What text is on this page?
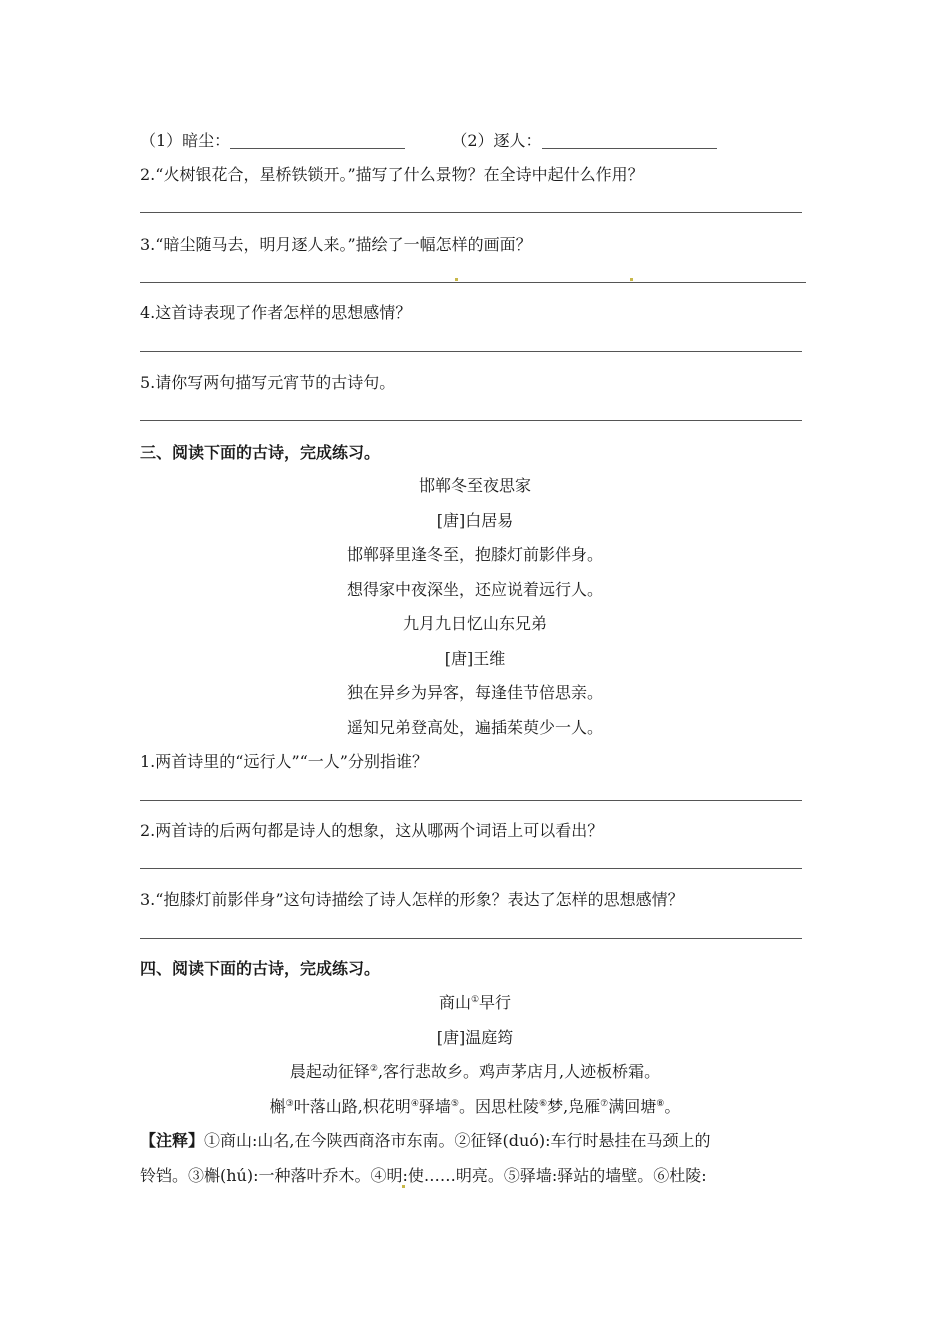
（1）暗尘：	（2）逐人：
2.“火树银花合，星桥铁锁开。”描写了什么景物？在全诗中起什么作用？
3.“暗尘随马去，明月逐人来。”描绘了一幅怎样的画面？
4.这首诗表现了作者怎样的思想感情？
5.请你写两句描写元宵节的古诗句。
三、阅读下面的古诗，完成练习。
邯郸冬至夜思家
[唐]白居易
邯郸驿里逢冬至，抱膝灯前影伴身。
想得家中夜深坐，还应说着远行人。
九月九日忆山东兄弟
[唐]王维
独在异乡为异客，每逢佳节倍思亲。
遥知兄弟登高处，遍插茱萸少一人。
1.两首诗里的“远行人”“一人”分别指谁？
2.两首诗的后两句都是诗人的想象，这从哪两个词语上可以看出？
3.“抱膝灯前影伴身”这句诗描绘了诗人怎样的形象？表达了怎样的思想感情？
四、阅读下面的古诗，完成练习。
商山①早行
[唐]温庭筠
晨起动征铎②,客行悲故乡。鸡声茅店月,人迹板桥霜。
槲③叶落山路,枳花明④驿墙⑤。因思杜陵⑥梦,凫雁⑦满回塘⑧。
【注释】①商山:山名,在今陕西商洛市东南。②征铎(duó):车行时悬挂在马颈上的
铃铛。③槲(hú):一种落叶乔木。④明:使……明亮。⑤驿墙:驿站的墙壁。⑥杜陵:
